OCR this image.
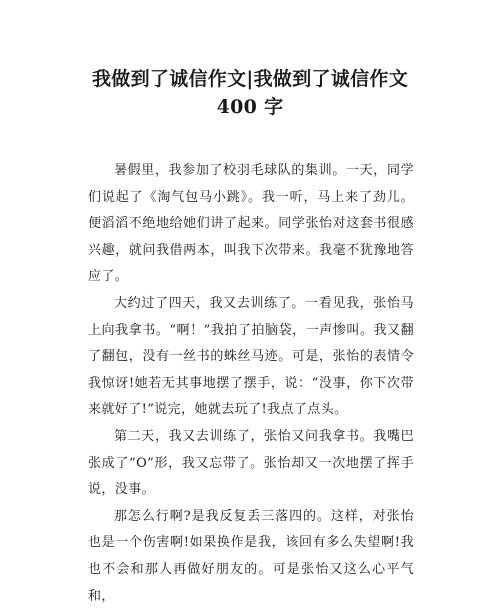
我做到了诚信作文|我做到了诚信作文
400 字

暑假里，我参加了校羽毛球队的集训。一天，同学们说起了《淘气包马小跳》。我一听，马上来了劲儿。便滔滔不绝地给她们讲了起来。同学张怡对这套书很感兴趣，就问我借两本，叫我下次带来。我毫不犹豫地答应了。

大约过了四天，我又去训练了。一看见我，张怡马上向我拿书。“啊！”我拍了拍脑袋，一声惨叫。我又翻了翻包，没有一丝书的蛛丝马迹。可是，张怡的表情令我惊讶!她若无其事地摆了摆手，说：“没事，你下次带来就好了!”说完，她就去玩了!我点了点头。

第二天，我又去训练了，张怡又问我拿书。我嘴巴张成了“O”形，我又忘带了。张怡却又一次地摆了挥手说，没事。

那怎么行啊?是我反复丢三落四的。这样，对张怡也是一个伤害啊!如果换作是我，该回有多么失望啊!我也不会和那人再做好朋友的。可是张怡又这么心平气和，
